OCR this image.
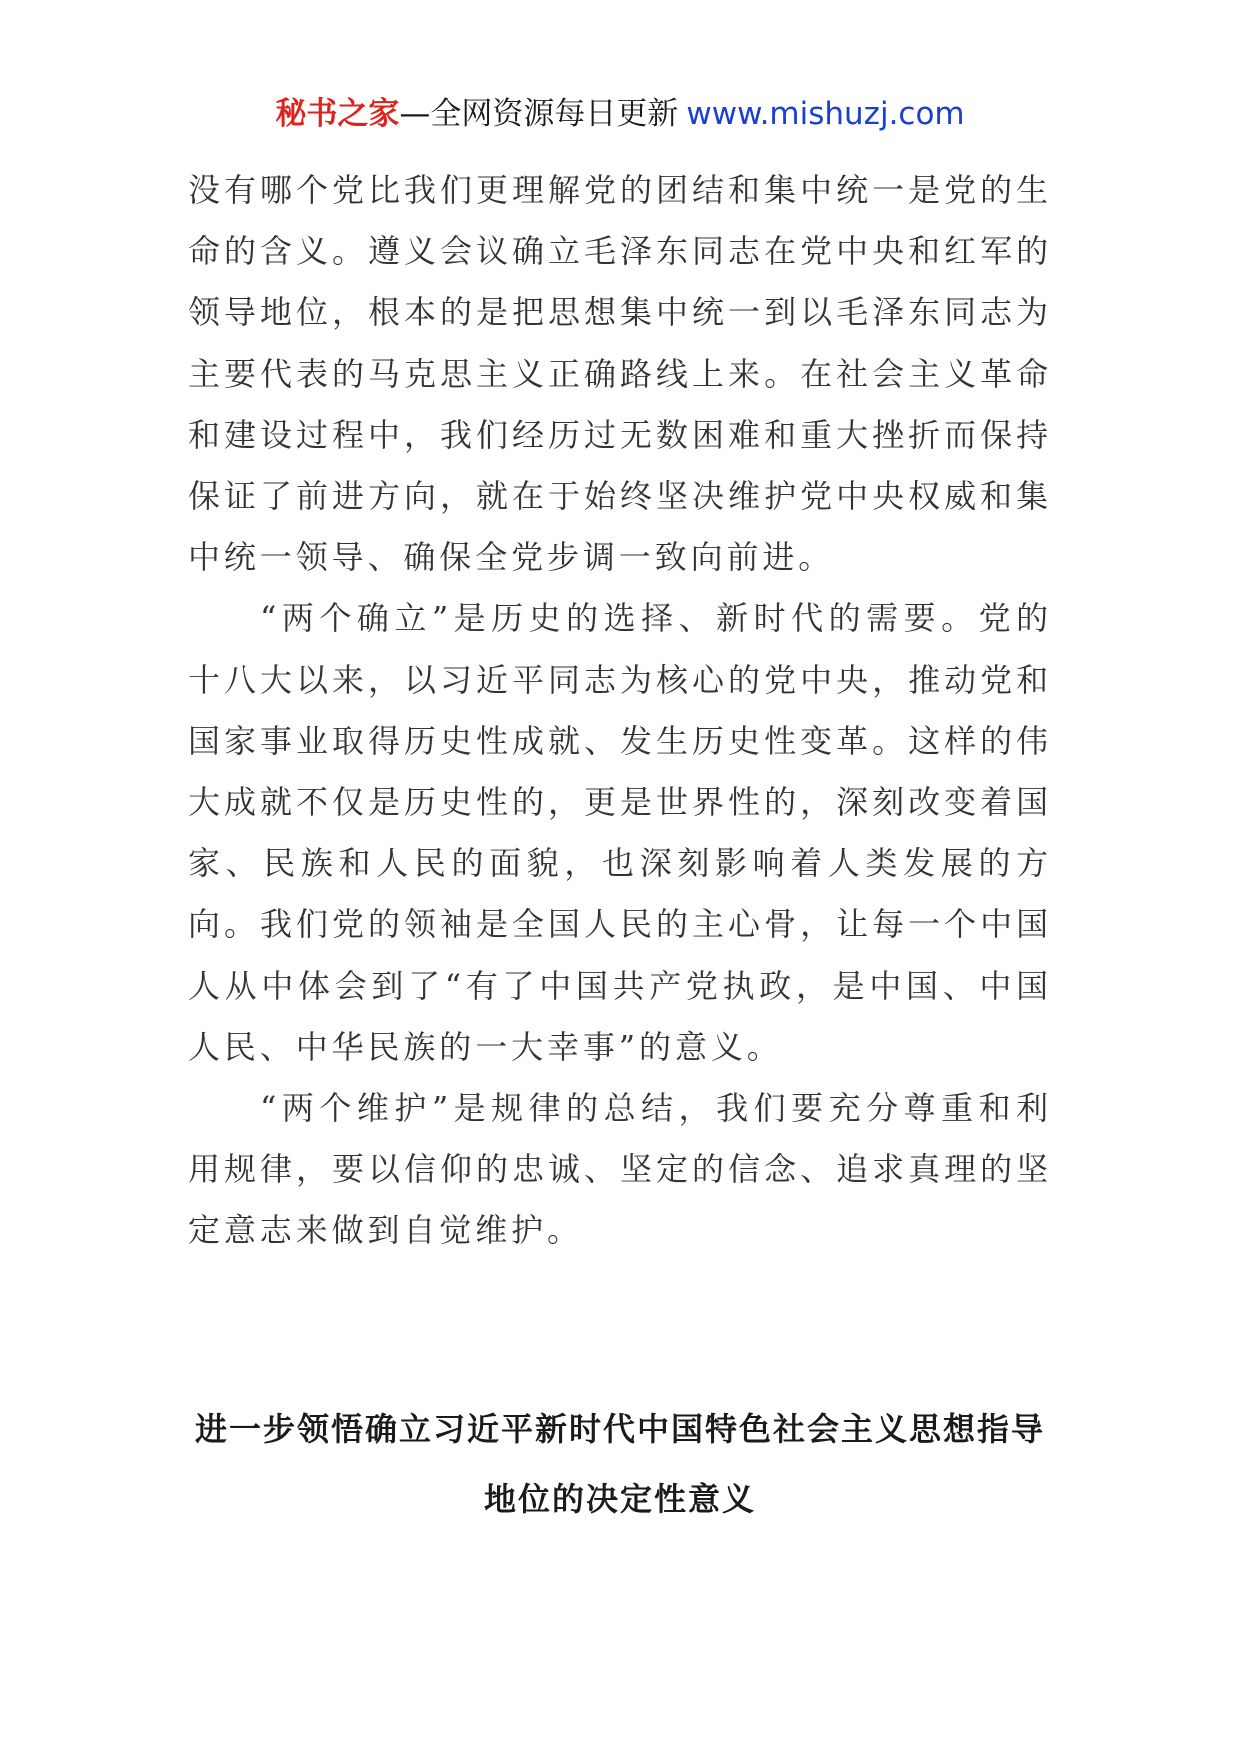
秘书之家—全网资源每日更新 www.mishuzj.com

没有哪个党比我们更理解党的团结和集中统一是党的生命的含义。遵义会议确立毛泽东同志在党中央和红军的领导地位，根本的是把思想集中统一到以毛泽东同志为主要代表的马克思主义正确路线上来。在社会主义革命和建设过程中，我们经历过无数困难和重大挫折而保持保证了前进方向，就在于始终坚决维护党中央权威和集中统一领导、确保全党步调一致向前进。

“两个确立”是历史的选择、新时代的需要。党的十八大以来，以习近平同志为核心的党中央，推动党和国家事业取得历史性成就、发生历史性变革。这样的伟大成就不仅是历史性的，更是世界性的，深刻改变着国家、民族和人民的面貌，也深刻影响着人类发展的方向。我们党的领袖是全国人民的主心骨，让每一个中国人从中体会到了“有了中国共产党执政，是中国、中国人民、中华民族的一大幸事”的意义。

“两个维护”是规律的总结，我们要充分尊重和利用规律，要以信仰的忠诚、坚定的信念、追求真理的坚定意志来做到自觉维护。

进一步领悟确立习近平新时代中国特色社会主义思想指导
地位的决定性意义
